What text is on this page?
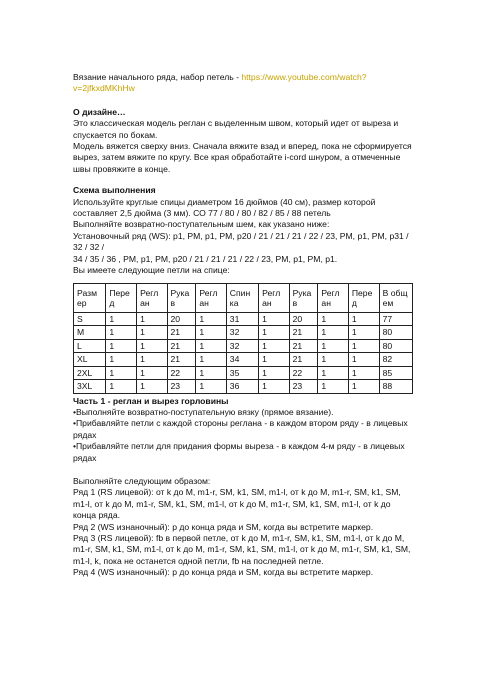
Вязание начального ряда, набор петель - https://www.youtube.com/watch?v=2jfkxdMKhHw

О дизайне…

Это классическая модель реглан с выделенным швом, который идет от выреза и спускается по бокам.

Модель вяжется сверху вниз. Сначала вяжите взад и вперед, пока не сформируется вырез, затем вяжите по кругу. Все края обработайте i-cord шнуром, а отмеченные швы провяжите в конце.

Схема выполнения

Используйте круглые спицы диаметром 16 дюймов (40 см), размер которой составляет 2,5 дюйма (3 мм). СО 77 / 80 / 80 / 82 / 85 / 88 петель

Выполняйте возвратно-поступательным шем, как указано ниже:

Установочный ряд (WS): p1, PM, p1, PM, p20 / 21 / 21 / 21 / 22 / 23, PM, p1, PM, p31 / 32 / 32 /

34 / 35 / 36 , PM, p1, PM, p20 / 21 / 21 / 21 / 22 / 23, PM, p1, PM, p1.

Вы имеете следующие петли на спице:

Разм ер	Пере д	Регл ан	Рука в	Регл ан	Спин ка	Регл ан	Рука в	Регл ан	Пере д	В общ ем
S	1	1	20	1	31	1	20	1	1	77
M	1	1	21	1	32	1	21	1	1	80
L	1	1	21	1	32	1	21	1	1	80
XL	1	1	21	1	34	1	21	1	1	82
2XL	1	1	22	1	35	1	22	1	1	85
3XL	1	1	23	1	36	1	23	1	1	88

Часть 1 - реглан и вырез горловины

•Выполняйте возвратно-поступательную вязку (прямое вязание).

•Прибавляйте петли с каждой стороны реглана - в каждом втором ряду - в лицевых рядах

•Прибавляйте петли для придания формы выреза - в каждом 4-м ряду - в лицевых рядах

Выполняйте следующим образом:

Ряд 1 (RS лицевой): от k до M, m1-r, SM, k1, SM, m1-l, от k до M, m1-r, SM, k1, SM, m1-l, от k до M, m1-r, SM, k1, SM, m1-l, от k до M, m1-r, SM, k1, SM, m1-l, от k до конца ряда.

Ряд 2 (WS изнаночный): p до конца ряда и SM, когда вы встретите маркер.

Ряд 3 (RS лицевой): fb в первой петле, от k до M, m1-r, SM, k1, SM, m1-l, от k до M, m1-r, SM, k1, SM, m1-l, от k до M, m1-r, SM, k1, SM, m1-l, от k до M, m1-r, SM, k1, SM, m1-l, k, пока не останется одной петли, fb на последней петле.

Ряд 4 (WS изнаночный): p до конца ряда и SM, когда вы встретите маркер.
